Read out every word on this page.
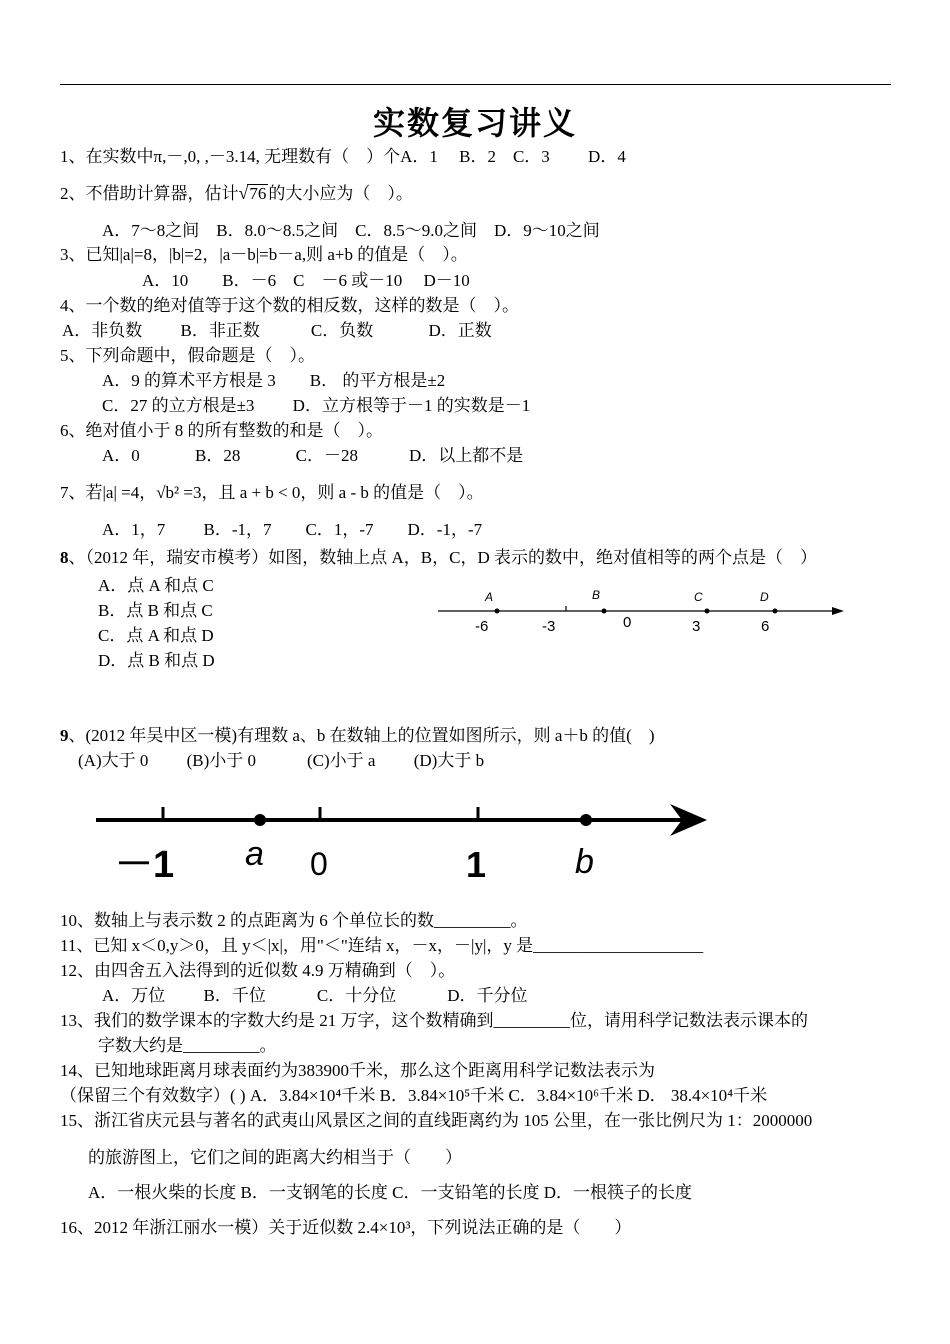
实数复习讲义
1、在实数中π,－,0, ,－3.14, 无理数有（　）个A．1　 B．2　C．3　　 D．4
2、不借助计算器，估计√76 的大小应为（　）。
A．7～8之间　B．8.0～8.5之间　C．8.5～9.0之间　D．9～10之间
3、已知|a|=8，|b|=2，|a－b|=b－a,则 a+b 的值是（　）。
A．10　　B．－6　C　－6 或－10　 D－10
4、一个数的绝对值等于这个数的相反数，这样的数是（　）。
A．非负数　　 B．非正数　　　C．负数　　　 D．正数
5、下列命题中，假命题是（　）。
A．9 的算术平方根是 3　　B． 的平方根是±2
C．27 的立方根是±3　　 D．立方根等于－1 的实数是－1
6、绝对值小于 8 的所有整数的和是（　）。
A．0　　　 B．28　　　 C．－28　　　D．以上都不是
7、若|a| =4，√b² =3，且 a + b < 0，则 a - b 的值是（　）。
A．1，7　　 B．-1，7　　C．1，-7　　D．-1，-7
8、（2012 年，瑞安市模考）如图，数轴上点 A，B，C，D 表示的数中，绝对值相等的两个点是（　）
A．点 A 和点 C
B．点 B 和点 C
C．点 A 和点 D
D．点 B 和点 D
A	B	C	D
-6	-3	0	3	6
9、(2012 年吴中区一模)有理数 a、b 在数轴上的位置如图所示，则 a＋b 的值(　)
(A)大于 0　　 (B)小于 0　　　(C)小于 a　　 (D)大于 b
－1 a 0	1	b
10、数轴上与表示数 2 的点距离为 6 个单位长的数_________。
11、已知 x＜0,y＞0，且 y＜|x|，用"＜"连结 x，－x，－|y|，y 是____________________
12、由四舍五入法得到的近似数 4.9 万精确到（　）。
A．万位　　 B．千位　　　C．十分位　　　D．千分位
13、我们的数学课本的字数大约是 21 万字，这个数精确到_________位，请用科学记数法表示课本的
字数大约是_________。
14、已知地球距离月球表面约为383900千米，那么这个距离用科学记数法表示为
（保留三个有效数字）( ) A．3.84×10⁴千米 B．3.84×10⁵千米 C．3.84×10⁶千米 D． 38.4×10⁴千米
15、浙江省庆元县与著名的武夷山风景区之间的直线距离约为 105 公里，在一张比例尺为 1：2000000
的旅游图上，它们之间的距离大约相当于（　　）
A．一根火柴的长度 B．一支钢笔的长度 C．一支铅笔的长度 D．一根筷子的长度
16、2012 年浙江丽水一模）关于近似数 2.4×10³，下列说法正确的是（　　）
